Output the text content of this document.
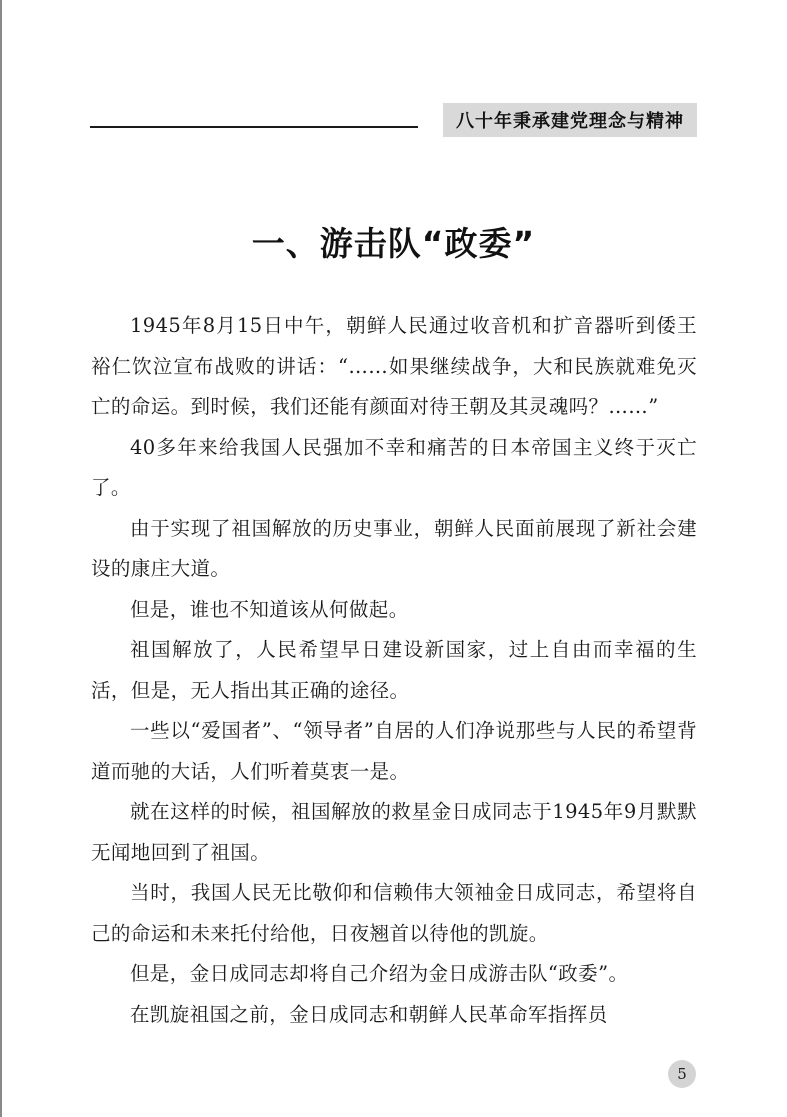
八十年秉承建党理念与精神
一、游击队“政委”

1945年8月15日中午，朝鲜人民通过收音机和扩音器听到倭王裕仁饮泣宣布战败的讲话：“……如果继续战争，大和民族就难免灭亡的命运。到时候，我们还能有颜面对待王朝及其灵魂吗？……”

40多年来给我国人民强加不幸和痛苦的日本帝国主义终于灭亡了。

由于实现了祖国解放的历史事业，朝鲜人民面前展现了新社会建设的康庄大道。

但是，谁也不知道该从何做起。

祖国解放了，人民希望早日建设新国家，过上自由而幸福的生活，但是，无人指出其正确的途径。

一些以“爱国者”、“领导者”自居的人们净说那些与人民的希望背道而驰的大话，人们听着莫衷一是。

就在这样的时候，祖国解放的救星金日成同志于1945年9月默默无闻地回到了祖国。

当时，我国人民无比敬仰和信赖伟大领袖金日成同志，希望将自己的命运和未来托付给他，日夜翘首以待他的凯旋。

但是，金日成同志却将自己介绍为金日成游击队“政委”。

在凯旋祖国之前，金日成同志和朝鲜人民革命军指挥员

5
